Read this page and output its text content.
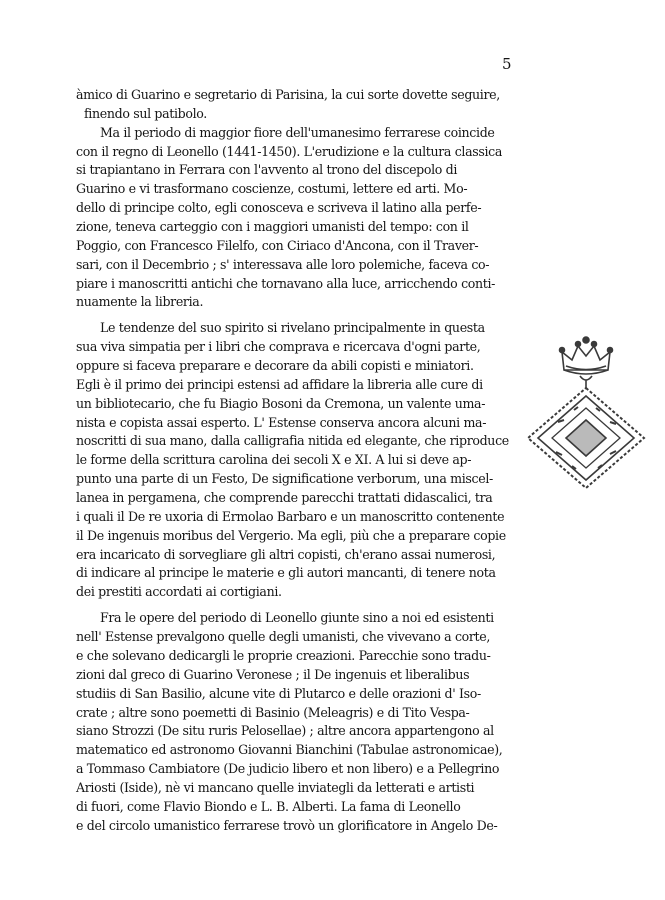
5
àmico di Guarino e segretario di Parisina, la cui sorte dovette seguire,
finendo sul patibolo.
Ma il periodo di maggior fiore dell'umanesimo ferrarese coincide
con il regno di Leonello (1441-1450). L'erudizione e la cultura classica
si trapiantano in Ferrara con l'avvento al trono del discepolo di
Guarino e vi trasformano coscienze, costumi, lettere ed arti. Mo-
dello di principe colto, egli conosceva e scriveva il latino alla perfe-
zione, teneva carteggio con i maggiori umanisti del tempo: con il
Poggio, con Francesco Filelfo, con Ciriaco d'Ancona, con il Traver-
sari, con il Decembrio ; s' interessava alle loro polemiche, faceva co-
piare i manoscritti antichi che tornavano alla luce, arricchendo conti-
nuamente la libreria.
Le tendenze del suo spirito si rivelano principalmente in questa
sua viva simpatia per i libri che comprava e ricercava d'ogni parte,
oppure si faceva preparare e decorare da abili copisti e miniatori.
Egli è il primo dei principi estensi ad affidare la libreria alle cure di
un bibliotecario, che fu Biagio Bosoni da Cremona, un valente uma-
nista e copista assai esperto. L' Estense conserva ancora alcuni ma-
noscritti di sua mano, dalla calligrafia nitida ed elegante, che riproduce
le forme della scrittura carolina dei secoli X e XI. A lui si deve ap-
punto una parte di un Festo, De significatione verborum, una miscel-
lanea in pergamena, che comprende parecchi trattati didascalici, tra
i quali il De re uxoria di Ermolao Barbaro e un manoscritto contenente
il De ingenuis moribus del Vergerio. Ma egli, più che a preparare copie
era incaricato di sorvegliare gli altri copisti, ch'erano assai numerosi,
di indicare al principe le materie e gli autori mancanti, di tenere nota
dei prestiti accordati ai cortigiani.
Fra le opere del periodo di Leonello giunte sino a noi ed esistenti
nell' Estense prevalgono quelle degli umanisti, che vivevano a corte,
e che solevano dedicargli le proprie creazioni. Parecchie sono tradu-
zioni dal greco di Guarino Veronese ; il De ingenuis et liberalibus
studiis di San Basilio, alcune vite di Plutarco e delle orazioni d' Iso-
crate ; altre sono poemetti di Basinio (Meleagris) e di Tito Vespa-
siano Strozzi (De situ ruris Pelosellae) ; altre ancora appartengono al
matematico ed astronomo Giovanni Bianchini (Tabulae astronomicae),
a Tommaso Cambiatore (De judicio libero et non libero) e a Pellegrino
Ariosti (Iside), nè vi mancano quelle inviategli da letterati e artisti
di fuori, come Flavio Biondo e L. B. Alberti. La fama di Leonello
e del circolo umanistico ferrarese trovò un glorificatore in Angelo De-
